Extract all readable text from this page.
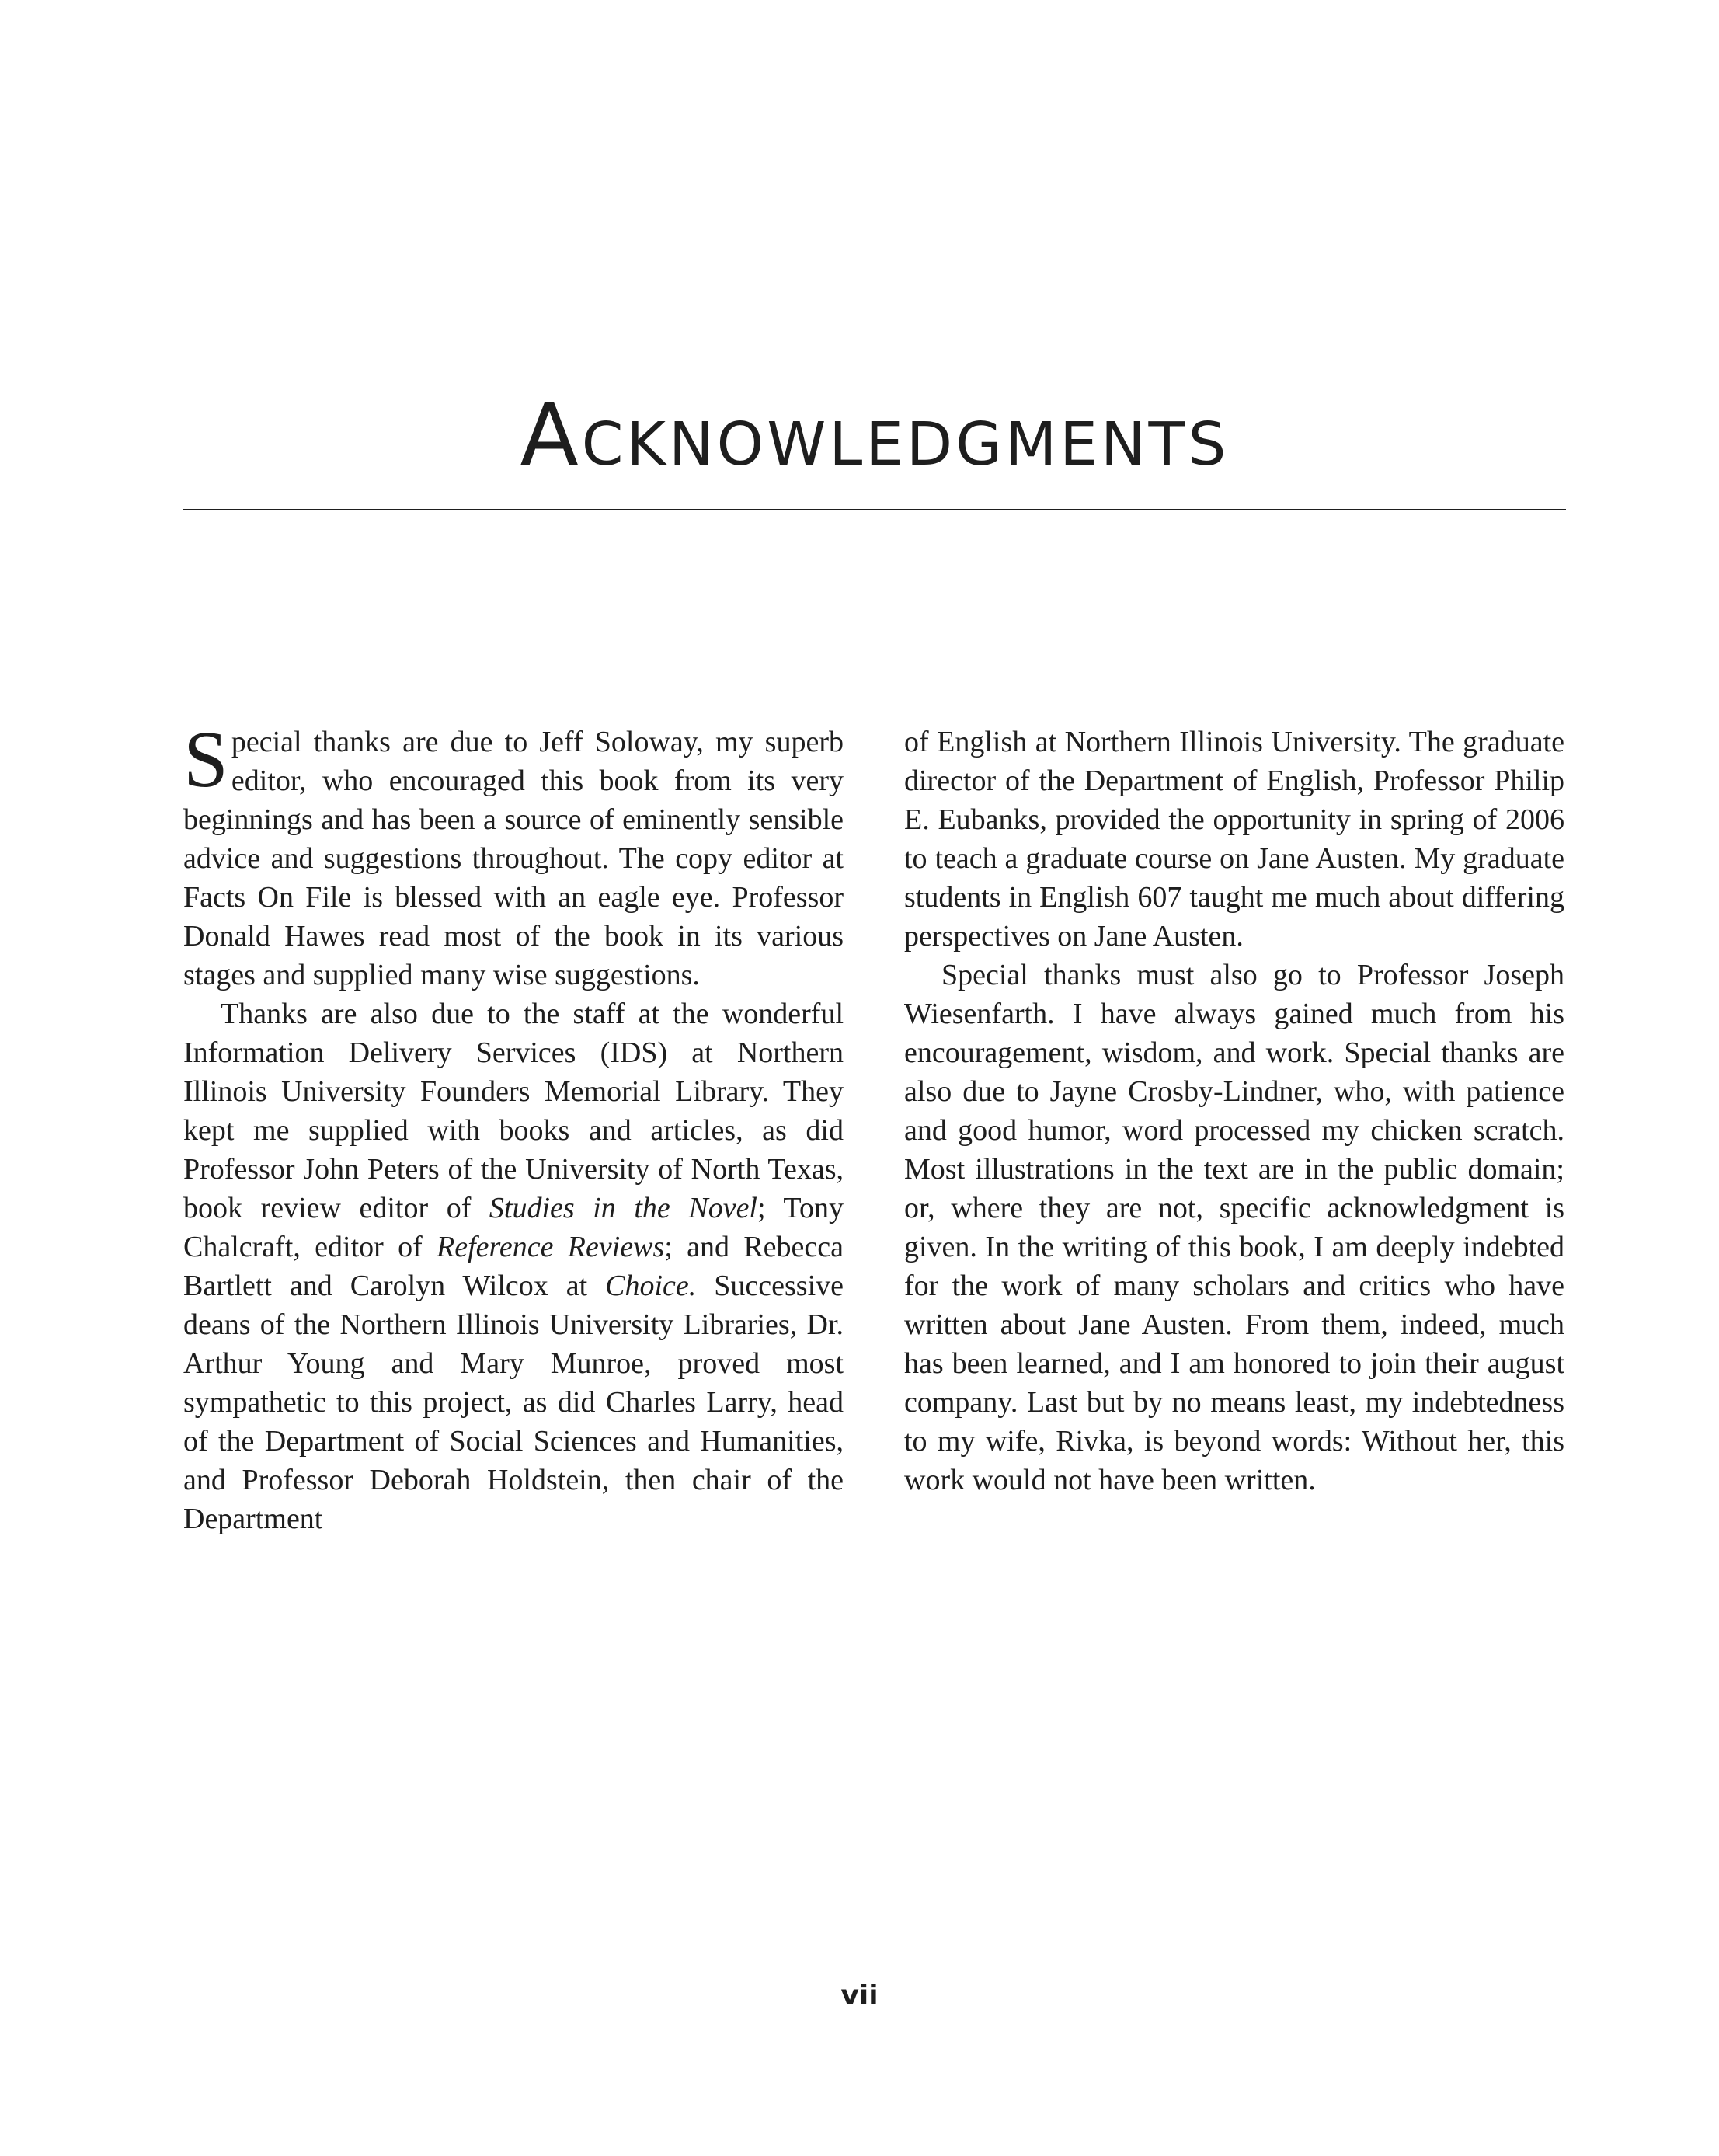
Acknowledgments

Special thanks are due to Jeff Soloway, my superb editor, who encouraged this book from its very beginnings and has been a source of eminently sensible advice and suggestions throughout. The copy editor at Facts On File is blessed with an eagle eye. Professor Donald Hawes read most of the book in its various stages and supplied many wise suggestions.

Thanks are also due to the staff at the wonderful Information Delivery Services (IDS) at Northern Illinois University Founders Memorial Library. They kept me supplied with books and articles, as did Professor John Peters of the University of North Texas, book review editor of Studies in the Novel; Tony Chalcraft, editor of Reference Reviews; and Rebecca Bartlett and Carolyn Wilcox at Choice. Successive deans of the Northern Illinois University Libraries, Dr. Arthur Young and Mary Munroe, proved most sympathetic to this project, as did Charles Larry, head of the Department of Social Sciences and Humanities, and Professor Deborah Holdstein, then chair of the Department

of English at Northern Illinois University. The graduate director of the Department of English, Professor Philip E. Eubanks, provided the opportunity in spring of 2006 to teach a graduate course on Jane Austen. My graduate students in English 607 taught me much about differing perspectives on Jane Austen.

Special thanks must also go to Professor Joseph Wiesenfarth. I have always gained much from his encouragement, wisdom, and work. Special thanks are also due to Jayne Crosby-Lindner, who, with patience and good humor, word processed my chicken scratch. Most illustrations in the text are in the public domain; or, where they are not, specific acknowledgment is given. In the writing of this book, I am deeply indebted for the work of many scholars and critics who have written about Jane Austen. From them, indeed, much has been learned, and I am honored to join their august company. Last but by no means least, my indebtedness to my wife, Rivka, is beyond words: Without her, this work would not have been written.

vii
